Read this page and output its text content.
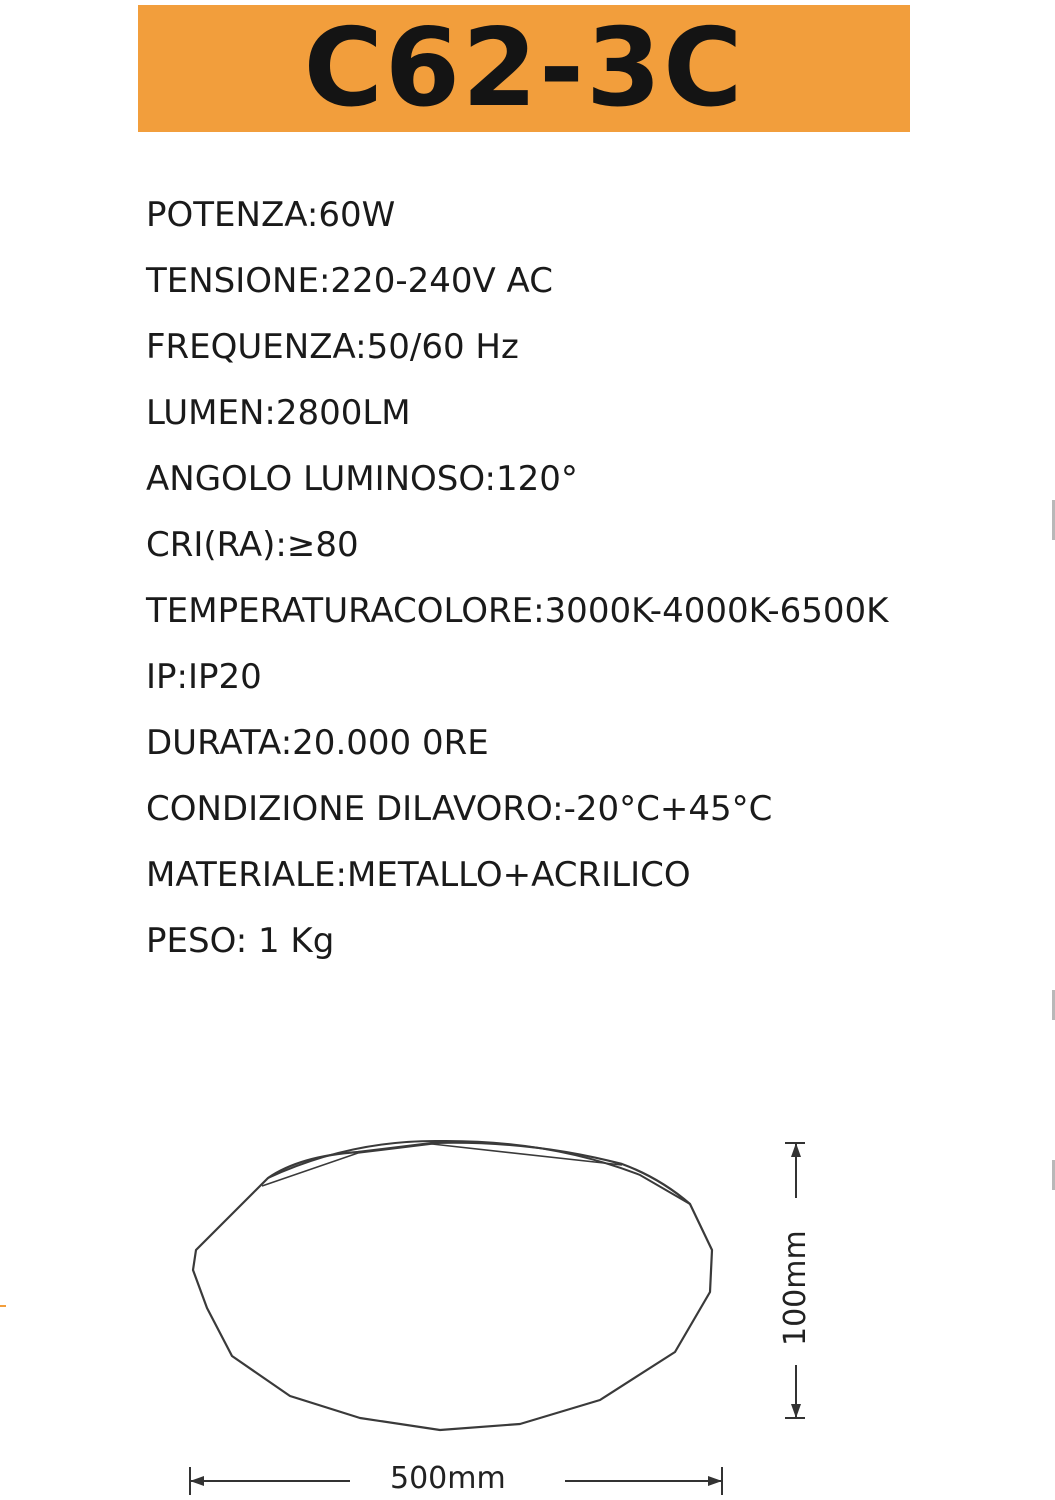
C62-3C
POTENZA:60W
TENSIONE:220-240V AC
FREQUENZA:50/60 Hz
LUMEN:2800LM
ANGOLO LUMINOSO:120°
CRI(RA):≥80
TEMPERATURACOLORE:3000K-4000K-6500K
IP:IP20
DURATA:20.000 0RE
CONDIZIONE DILAVORO:-20°C+45°C
MATERIALE:METALLO+ACRILICO
PESO: 1 Kg
500mm
100mm
